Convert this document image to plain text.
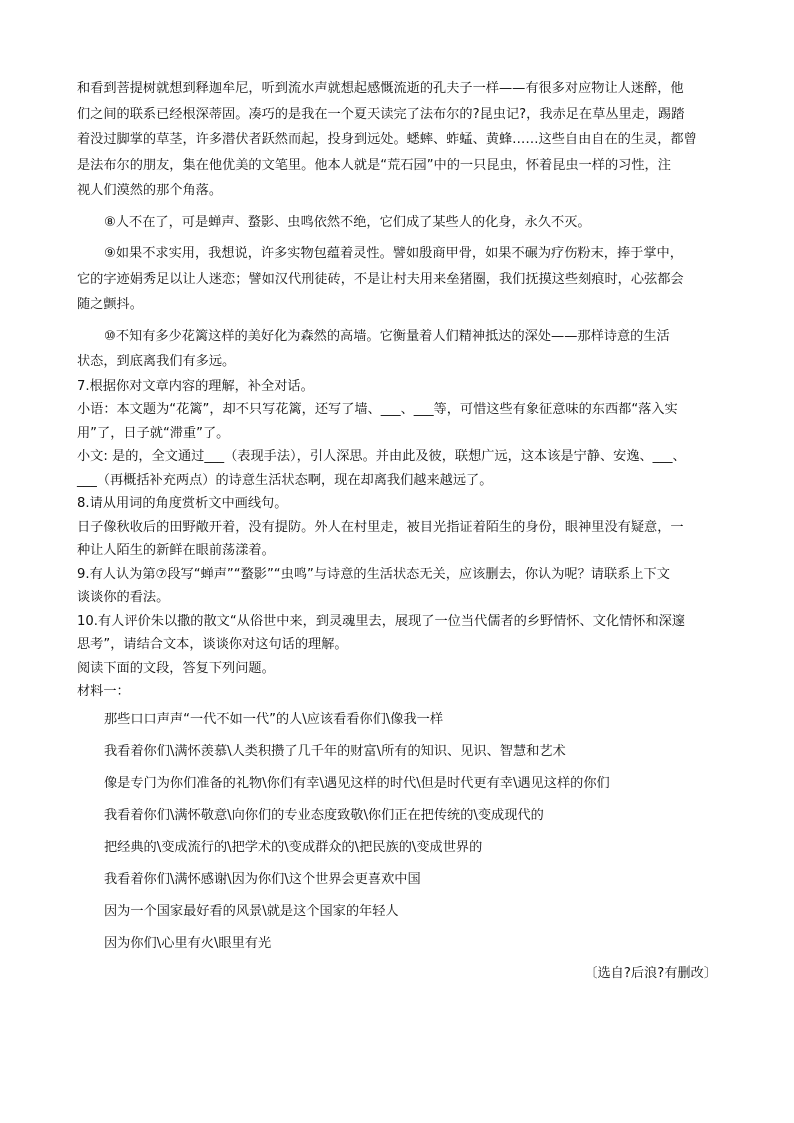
和看到菩提树就想到释迦牟尼，听到流水声就想起感慨流逝的孔夫子一样——有很多对应物让人迷醉，他
们之间的联系已经根深蒂固。凑巧的是我在一个夏天读完了法布尔的?昆虫记?，我赤足在草丛里走，踢踏
着没过脚掌的草茎，许多潜伏者跃然而起，投身到远处。蟋蟀、蚱蜢、黄蜂……这些自由自在的生灵，都曾
是法布尔的朋友，集在他优美的文笔里。他本人就是“荒石园”中的一只昆虫，怀着昆虫一样的习性，注
视人们漠然的那个角落。
⑧人不在了，可是蝉声、蝥影、虫鸣依然不绝，它们成了某些人的化身，永久不灭。
⑨如果不求实用，我想说，许多实物包蕴着灵性。譬如殷商甲骨，如果不碾为疗伤粉末，捧于掌中，
它的字迹娟秀足以让人迷恋；譬如汉代刑徒砖，不是让村夫用来垒猪圈，我们抚摸这些刻痕时，心弦都会
随之颤抖。
⑩不知有多少花篱这样的美好化为森然的高墙。它衡量着人们精神抵达的深处——那样诗意的生活
状态，到底离我们有多远。
7.根据你对文章内容的理解，补全对话。
小语：本文题为“花篱”，却不只写花篱，还写了墙、___、___等，可惜这些有象征意味的东西都“落入实
用”了，日子就“滞重”了。
小文: 是的，全文通过___（表现手法），引人深思。并由此及彼，联想广远，这本该是宁静、安逸、___、
___（再概括补充两点）的诗意生活状态啊，现在却离我们越来越远了。
8.请从用词的角度赏析文中画线句。
日子像秋收后的田野敞开着，没有提防。外人在村里走，被目光指证着陌生的身份，眼神里没有疑意，一
种让人陌生的新鲜在眼前荡漾着。
9.有人认为第⑦段写“蝉声”“蝥影”“虫鸣”与诗意的生活状态无关，应该删去，你认为呢？请联系上下文
谈谈你的看法。
10.有人评价朱以撒的散文“从俗世中来，到灵魂里去，展现了一位当代儒者的乡野情怀、文化情怀和深邃
思考”，请结合文本，谈谈你对这句话的理解。
阅读下面的文段，答复下列问题。
材料一：
那些口口声声“一代不如一代”的人\应该看看你们\像我一样
我看着你们\满怀羡慕\人类积攒了几千年的财富\所有的知识、见识、智慧和艺术
像是专门为你们准备的礼物\你们有幸\遇见这样的时代\但是时代更有幸\遇见这样的你们
我看着你们\满怀敬意\向你们的专业态度致敬\你们正在把传统的\变成现代的
把经典的\变成流行的\把学术的\变成群众的\把民族的\变成世界的
我看着你们\满怀感谢\因为你们\这个世界会更喜欢中国
因为一个国家最好看的风景\就是这个国家的年轻人
因为你们\心里有火\眼里有光
〔选自?后浪?有删改〕
